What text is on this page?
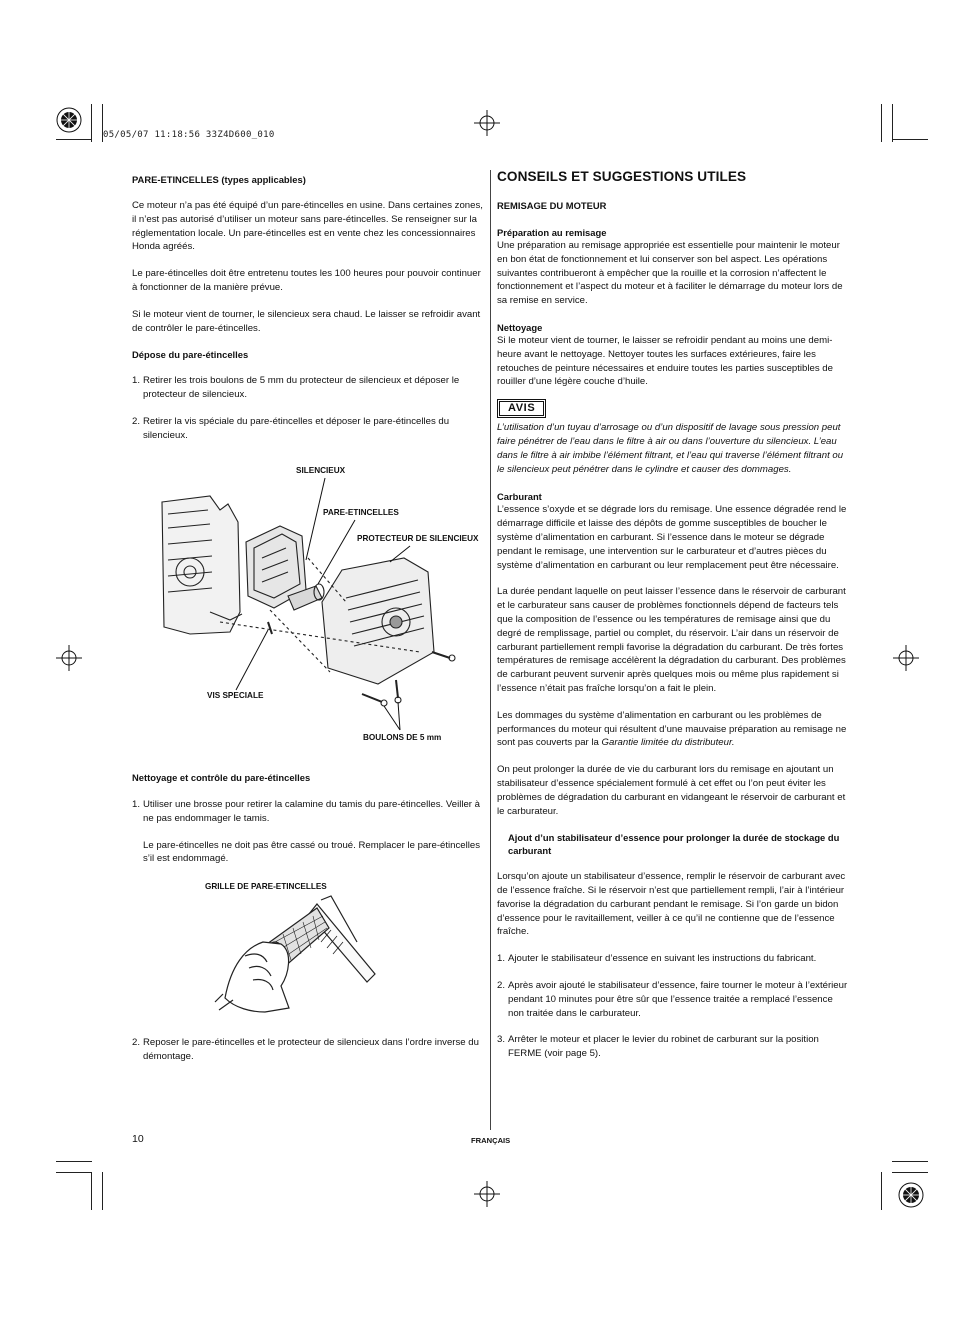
05/05/07 11:18:56 33Z4D600_010
PARE-ETINCELLES (types applicables)

Ce moteur n’a pas été équipé d’un pare-étincelles en usine. Dans certaines zones, il n’est pas autorisé d’utiliser un moteur sans pare-étincelles. Se renseigner sur la réglementation locale. Un pare-étincelles est en vente chez les concessionnaires Honda agréés.

Le pare-étincelles doit être entretenu toutes les 100 heures pour pouvoir continuer à fonctionner de la manière prévue.

Si le moteur vient de tourner, le silencieux sera chaud. Le laisser se refroidir avant de contrôler le pare-étincelles.

Dépose du pare-étincelles
1. Retirer les trois boulons de 5 mm du protecteur de silencieux et déposer le protecteur de silencieux.
2. Retirer la vis spéciale du pare-étincelles et déposer le pare-étincelles du silencieux.
SILENCIEUX
PARE-ETINCELLES
PROTECTEUR DE SILENCIEUX
VIS SPECIALE
BOULONS DE 5 mm
Nettoyage et contrôle du pare-étincelles
1. Utiliser une brosse pour retirer la calamine du tamis du pare-étincelles. Veiller à ne pas endommager le tamis.

Le pare-étincelles ne doit pas être cassé ou troué. Remplacer le pare-étincelles s’il est endommagé.

GRILLE DE PARE-ETINCELLES
2. Reposer le pare-étincelles et le protecteur de silencieux dans l’ordre inverse du démontage.
CONSEILS ET SUGGESTIONS UTILES
REMISAGE DU MOTEUR
Préparation au remisage

Une préparation au remisage appropriée est essentielle pour maintenir le moteur en bon état de fonctionnement et lui conserver son bel aspect. Les opérations suivantes contribueront à empêcher que la rouille et la corrosion n’affectent le fonctionnement et l’aspect du moteur et à faciliter le démarrage du moteur lors de sa remise en service.

Nettoyage

Si le moteur vient de tourner, le laisser se refroidir pendant au moins une demi-heure avant le nettoyage. Nettoyer toutes les surfaces extérieures, faire les retouches de peinture nécessaires et enduire toutes les parties susceptibles de rouiller d’une légère couche d’huile.

AVIS

L’utilisation d’un tuyau d’arrosage ou d’un dispositif de lavage sous pression peut faire pénétrer de l’eau dans le filtre à air ou dans l’ouverture du silencieux. L’eau dans le filtre à air imbibe l’élément filtrant, et l’eau qui traverse l’élément filtrant ou le silencieux peut pénétrer dans le cylindre et causer des dommages.

Carburant

L’essence s’oxyde et se dégrade lors du remisage. Une essence dégradée rend le démarrage difficile et laisse des dépôts de gomme susceptibles de boucher le système d’alimentation en carburant. Si l’essence dans le moteur se dégrade pendant le remisage, une intervention sur le carburateur et d’autres pièces du système d’alimentation en carburant ou leur remplacement peut être nécessaire.

La durée pendant laquelle on peut laisser l’essence dans le réservoir de carburant et le carburateur sans causer de problèmes fonctionnels dépend de facteurs tels que la composition de l’essence ou les températures de remisage ainsi que du degré de remplissage, partiel ou complet, du réservoir. L’air dans un réservoir de carburant partiellement rempli favorise la dégradation du carburant. De très fortes températures de remisage accélèrent la dégradation du carburant. Des problèmes de carburant peuvent survenir après quelques mois ou même plus rapidement si l’essence n’était pas fraîche lorsqu’on a fait le plein.

Les dommages du système d’alimentation en carburant ou les problèmes de performances du moteur qui résultent d’une mauvaise préparation au remisage ne sont pas couverts par la Garantie limitée du distributeur.

On peut prolonger la durée de vie du carburant lors du remisage en ajoutant un stabilisateur d’essence spécialement formulé à cet effet ou l’on peut éviter les problèmes de dégradation du carburant en vidangeant le réservoir de carburant et le carburateur.

Ajout d’un stabilisateur d’essence pour prolonger la durée de stockage du carburant

Lorsqu’on ajoute un stabilisateur d’essence, remplir le réservoir de carburant avec de l’essence fraîche. Si le réservoir n’est que partiellement rempli, l’air à l’intérieur favorise la dégradation du carburant pendant le remisage. Si l’on garde un bidon d’essence pour le ravitaillement, veiller à ce qu’il ne contienne que de l’essence fraîche.

1. Ajouter le stabilisateur d’essence en suivant les instructions du fabricant.
2. Après avoir ajouté le stabilisateur d’essence, faire tourner le moteur à l’extérieur pendant 10 minutes pour être sûr que l’essence traitée a remplacé l’essence non traitée dans le carburateur.
3. Arrêter le moteur et placer le levier du robinet de carburant sur la position FERME (voir page 5).
10	FRANÇAIS
